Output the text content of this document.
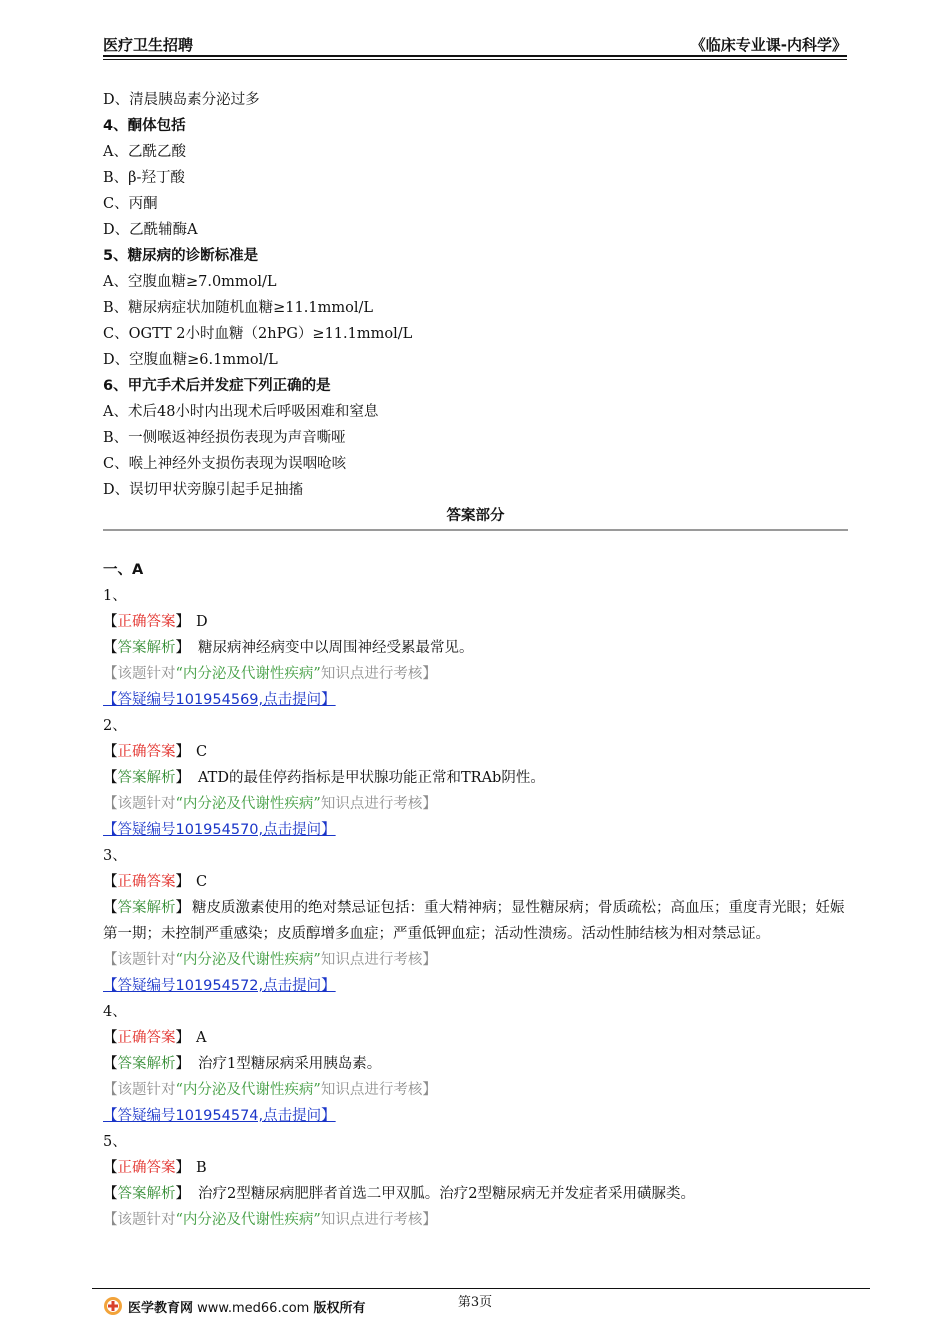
医疗卫生招聘	《临床专业课-内科学》
D、清晨胰岛素分泌过多
4、酮体包括
A、乙酰乙酸
B、β-羟丁酸
C、丙酮
D、乙酰辅酶A
5、糖尿病的诊断标准是
A、空腹血糖≥7.0mmol/L
B、糖尿病症状加随机血糖≥11.1mmol/L
C、OGTT 2小时血糖（2hPG）≥11.1mmol/L
D、空腹血糖≥6.1mmol/L
6、甲亢手术后并发症下列正确的是
A、术后48小时内出现术后呼吸困难和窒息
B、一侧喉返神经损伤表现为声音嘶哑
C、喉上神经外支损伤表现为误咽呛咳
D、误切甲状旁腺引起手足抽搐
答案部分
一、A
1、
【正确答案】 D
【答案解析】 糖尿病神经病变中以周围神经受累最常见。
【该题针对“内分泌及代谢性疾病”知识点进行考核】
【答疑编号101954569,点击提问】
2、
【正确答案】 C
【答案解析】 ATD的最佳停药指标是甲状腺功能正常和TRAb阴性。
【该题针对“内分泌及代谢性疾病”知识点进行考核】
【答疑编号101954570,点击提问】
3、
【正确答案】 C
【答案解析】 糖皮质激素使用的绝对禁忌证包括：重大精神病；显性糖尿病；骨质疏松；高血压；重度青光眼；妊娠第一期；未控制严重感染；皮质醇增多血症；严重低钾血症；活动性溃疡。活动性肺结核为相对禁忌证。
【该题针对“内分泌及代谢性疾病”知识点进行考核】
【答疑编号101954572,点击提问】
4、
【正确答案】 A
【答案解析】 治疗1型糖尿病采用胰岛素。
【该题针对“内分泌及代谢性疾病”知识点进行考核】
【答疑编号101954574,点击提问】
5、
【正确答案】 B
【答案解析】 治疗2型糖尿病肥胖者首选二甲双胍。治疗2型糖尿病无并发症者采用磺脲类。
【该题针对“内分泌及代谢性疾病”知识点进行考核】
第3页
医学教育网 www.med66.com 版权所有
